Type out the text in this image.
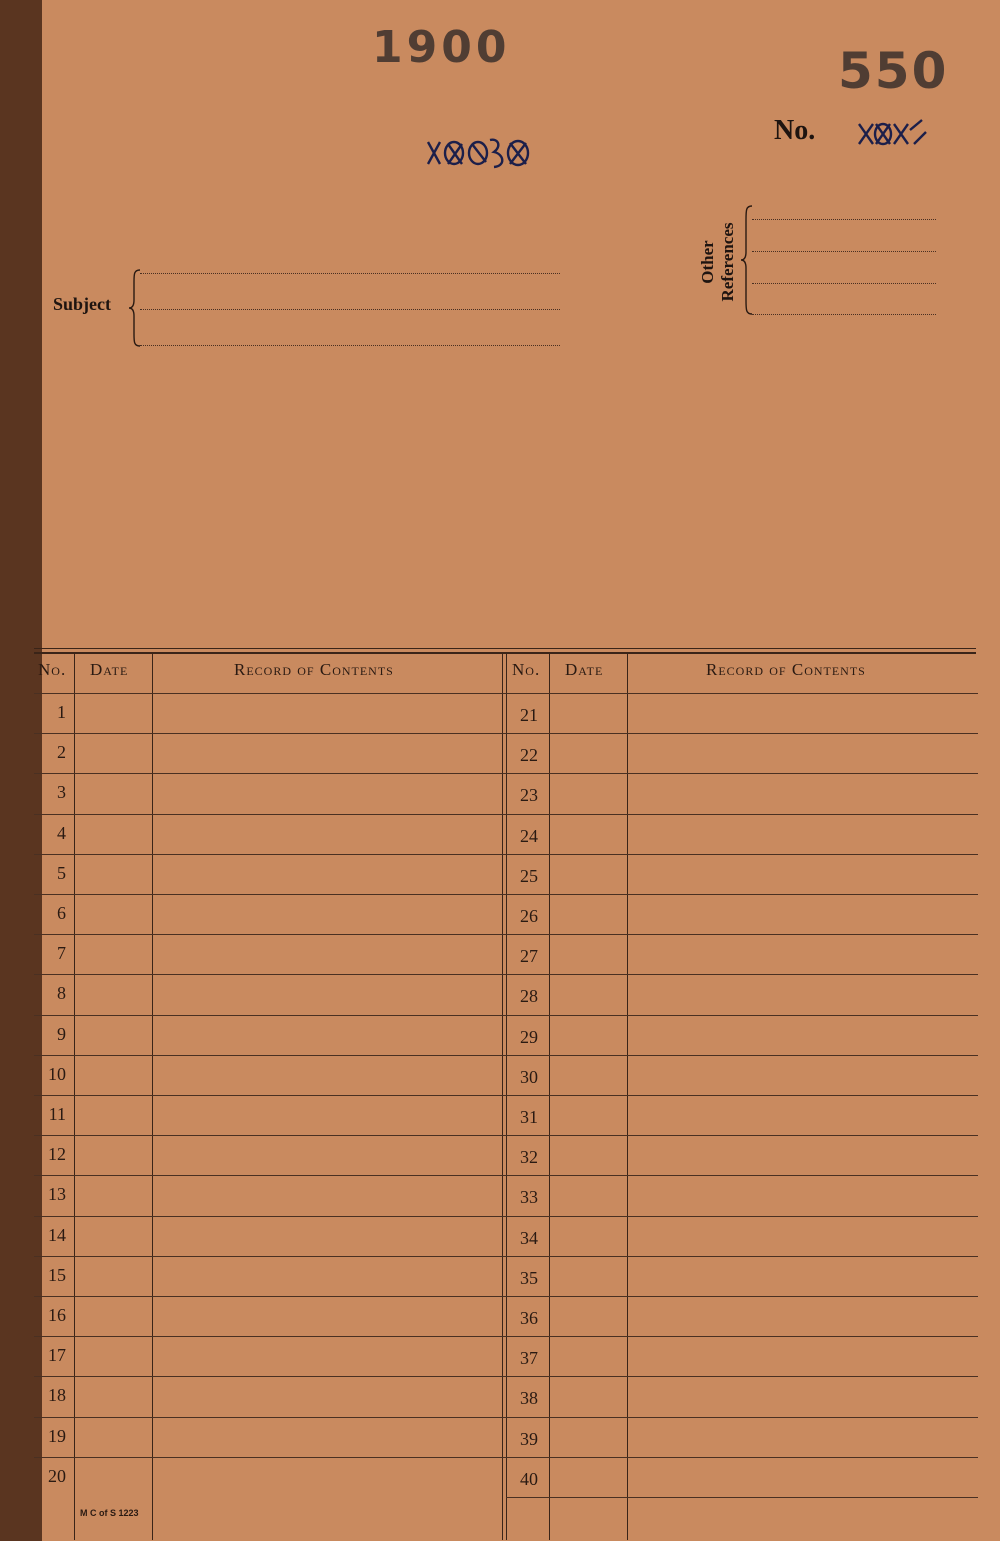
1900	550
No.
Subject
Other References
No. Date	Record of Contents	No. Date	Record of Contents
1	21
2	22
3	23
4	24
5	25
6	26
7	27
8	28
9	29
10	30
11	31
12	32
13	33
14	34
15	35
16	36
17	37
18	38
19	39
20	40
M C of S 1223
